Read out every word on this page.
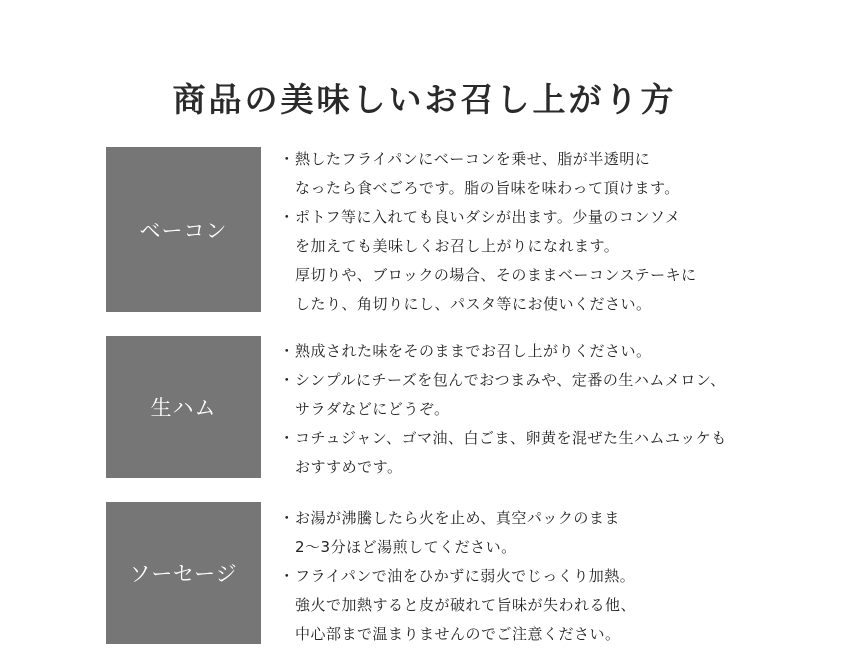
商品の美味しいお召し上がり方
ベーコン
・熱したフライパンにベーコンを乗せ、脂が半透明に
なったら食べごろです。脂の旨味を味わって頂けます。
・ポトフ等に入れても良いダシが出ます。少量のコンソメ
を加えても美味しくお召し上がりになれます。
厚切りや、ブロックの場合、そのままベーコンステーキに
したり、角切りにし、パスタ等にお使いください。
生ハム
・熟成された味をそのままでお召し上がりください。
・シンプルにチーズを包んでおつまみや、定番の生ハムメロン、
サラダなどにどうぞ。
・コチュジャン、ゴマ油、白ごま、卵黄を混ぜた生ハムユッケも
おすすめです。
ソーセージ
・お湯が沸騰したら火を止め、真空パックのまま
2〜3分ほど湯煎してください。
・フライパンで油をひかずに弱火でじっくり加熱。
強火で加熱すると皮が破れて旨味が失われる他、
中心部まで温まりませんのでご注意ください。
